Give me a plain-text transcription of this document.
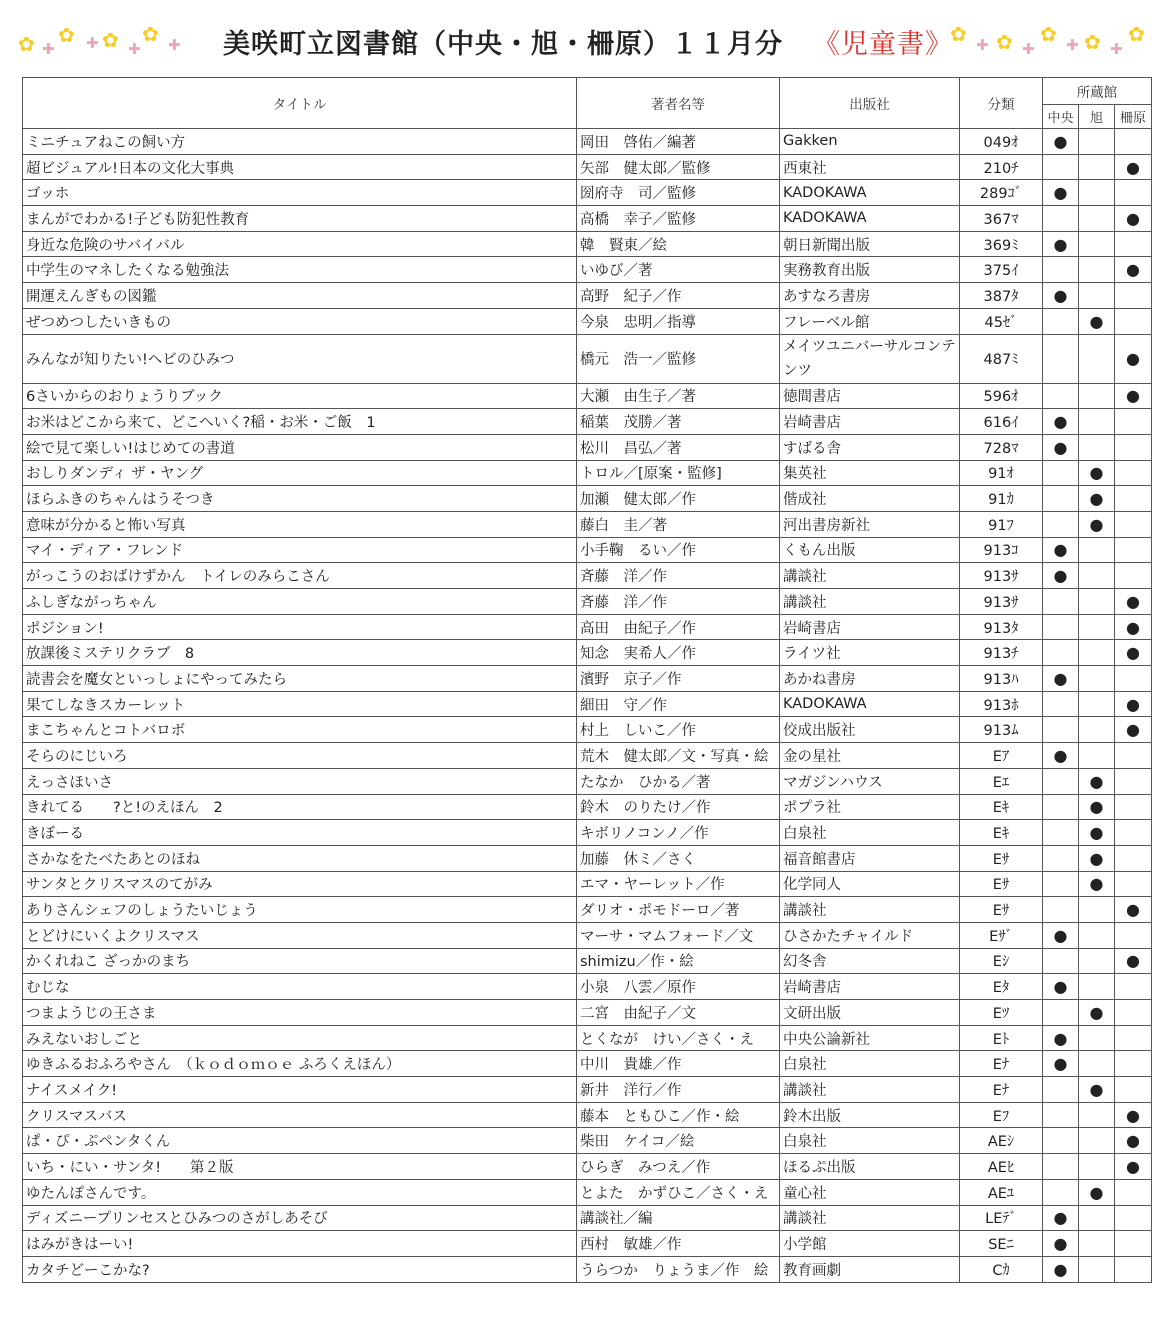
✿ ✿
✚ ✚ ✿ ✚
✿ ✚	美咲町立図書館（中央・旭・柵原）１１月分 《児童書》
✿ ✚ ✿ ✚
✿ ✚ ✿ ✚
✿
タイトル	著者名等	出版社	分類	所蔵館		
				中央	旭	柵原
ミニチュアねこの飼い方	岡田　啓佑／編著	Gakken	049ｵ	●		
超ビジュアル!日本の文化大事典	矢部　健太郎／監修	西東社	210ﾁ			●
ゴッホ	圀府寺　司／監修	KADOKAWA	289ｺﾞ	●		
まんがでわかる!子ども防犯性教育	高橋　幸子／監修	KADOKAWA	367ﾏ			●
身近な危険のサバイバル	韓　賢東／絵	朝日新聞出版	369ﾐ	●		
中学生のマネしたくなる勉強法	いゆび／著	実務教育出版	375ｲ			●
開運えんぎもの図鑑	高野　紀子／作	あすなろ書房	387ﾀ	●		
ぜつめつしたいきもの	今泉　忠明／指導	フレーベル館	45ｾﾞ		●	
みんなが知りたい!ヘビのひみつ	橋元　浩一／監修	メイツユニバーサルコンテンツ	487ﾐ			●
6さいからのおりょうりブック	大瀬　由生子／著	徳間書店	596ｵ			●
お米はどこから来て、どこへいく?稲・お米・ご飯　1	稲葉　茂勝／著	岩崎書店	616ｲ	●		
絵で見て楽しい!はじめての書道	松川　昌弘／著	すばる舎	728ﾏ	●		
おしりダンディ ザ・ヤング	トロル／[原案・監修]	集英社	91ｵ		●	
ほらふきのちゃんはうそつき	加瀬　健太郎／作	偕成社	91ｶ		●	
意味が分かると怖い写真	藤白　圭／著	河出書房新社	91ﾌ		●	
マイ・ディア・フレンド	小手鞠　るい／作	くもん出版	913ｺ	●		
がっこうのおばけずかん　トイレのみらこさん	斉藤　洋／作	講談社	913ｻ	●		
ふしぎながっちゃん	斉藤　洋／作	講談社	913ｻ			●
ポジション!	高田　由紀子／作	岩崎書店	913ﾀ			●
放課後ミステリクラブ　8	知念　実希人／作	ライツ社	913ﾁ			●
読書会を魔女といっしょにやってみたら	濱野　京子／作	あかね書房	913ﾊ	●		
果てしなきスカーレット	細田　守／作	KADOKAWA	913ﾎ			●
まこちゃんとコトバロボ	村上　しいこ／作	佼成出版社	913ﾑ			●
そらのにじいろ	荒木　健太郎／文・写真・絵	金の星社	Eｱ	●		
えっさほいさ	たなか　ひかる／著	マガジンハウス	Eｴ		●	
きれてる　　?と!のえほん　2	鈴木　のりたけ／作	ポプラ社	Eｷ		●	
きぼーる	キボリノコンノ／作	白泉社	Eｷ		●	
さかなをたべたあとのほね	加藤　休ミ／さく	福音館書店	Eｻ		●	
サンタとクリスマスのてがみ	エマ・ヤーレット／作	化学同人	Eｻ		●	
ありさんシェフのしょうたいじょう	ダリオ・ポモドーロ／著	講談社	Eｻ			●
とどけにいくよクリスマス	マーサ・マムフォード／文	ひさかたチャイルド	Eｻﾞ	●		
かくれねこ ざっかのまち	shimizu／作・絵	幻冬舎	Eｼ			●
むじな	小泉　八雲／原作	岩崎書店	Eﾀ	●		
つまようじの王さま	二宮　由紀子／文	文研出版	Eﾂ		●	
みえないおしごと	とくなが　けい／さく・え	中央公論新社	Eﾄ	●		
ゆきふるおふろやさん　（ｋｏｄｏｍｏｅ ふろくえほん）	中川　貴雄／作	白泉社	Eﾅ	●		
ナイスメイク!	新井　洋行／作	講談社	Eﾅ		●	
クリスマスバス	藤本　ともひこ／作・絵	鈴木出版	Eﾌ			●
ぱ・ぴ・ぷペンタくん	柴田　ケイコ／絵	白泉社	AEｼ			●
いち・にい・サンタ!　　第２版	ひらぎ　みつえ／作	ほるぷ出版	AEﾋ			●
ゆたんぽさんです。	とよた　かずひこ／さく・え	童心社	AEﾕ		●	
ディズニープリンセスとひみつのさがしあそび	講談社／編	講談社	LEﾃﾞ	●		
はみがきはーい!	西村　敏雄／作	小学館	SEﾆ	●		
カタチどーこかな?	うらつか　りょうま／作　絵	教育画劇	Cｶ	●		
